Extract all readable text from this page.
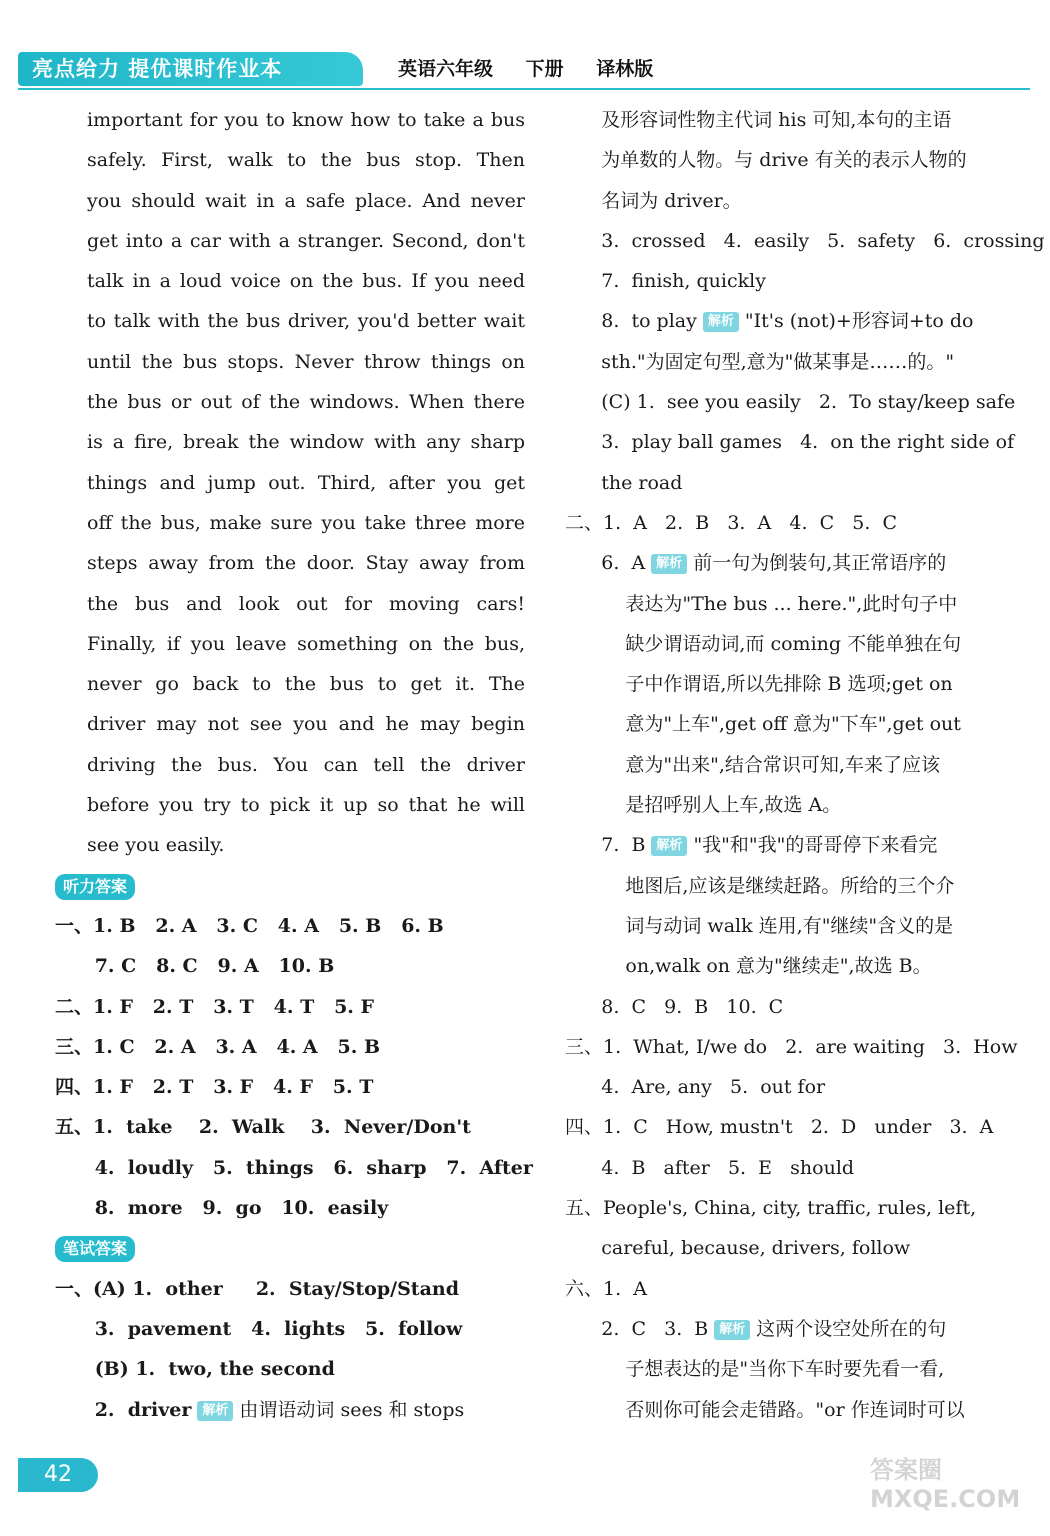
亮点给力 提优课时作业本	英语六年级 下册 译林版
important for you to know how to take a bus
safely. First, walk to the bus stop. Then
you should wait in a safe place. And never
get into a car with a stranger. Second, don't
talk in a loud voice on the bus. If you need
to talk with the bus driver, you'd better wait
until the bus stops. Never throw things on
the bus or out of the windows. When there
is a fire, break the window with any sharp
things and jump out. Third, after you get
off the bus, make sure you take three more
steps away from the door. Stay away from
the bus and look out for moving cars!
Finally, if you leave something on the bus,
never go back to the bus to get it. The
driver may not see you and he may begin
driving the bus. You can tell the driver
before you try to pick it up so that he will
see you easily.
听力答案
一、1. B   2. A   3. C   4. A   5. B   6. B
7. C   8. C   9. A   10. B
二、1. F   2. T   3. T   4. T   5. F
三、1. C   2. A   3. A   4. A   5. B
四、1. F   2. T   3. F   4. F   5. T
五、1.  take    2.  Walk    3.  Never/Don't
4.  loudly   5.  things   6.  sharp   7.  After
8.  more   9.  go   10.  easily
笔试答案
一、(A) 1.  other     2.  Stay/Stop/Stand
3.  pavement   4.  lights   5.  follow
(B) 1.  two, the second
2.  driver 解析 由谓语动词 sees 和 stops
及形容词性物主代词 his 可知,本句的主语
为单数的人物。与 drive 有关的表示人物的
名词为 driver。
3.  crossed   4.  easily   5.  safety   6.  crossing
7.  finish, quickly
8.  to play 解析 "It's (not)+形容词+to do
sth."为固定句型,意为"做某事是……的。"
(C) 1.  see you easily   2.  To stay/keep safe
3.  play ball games   4.  on the right side of
the road
二、1.  A   2.  B   3.  A   4.  C   5.  C
6.  A 解析 前一句为倒装句,其正常语序的
表达为"The bus ... here.",此时句子中
缺少谓语动词,而 coming 不能单独在句
子中作谓语,所以先排除 B 选项;get on
意为"上车",get off 意为"下车",get out
意为"出来",结合常识可知,车来了应该
是招呼别人上车,故选 A。
7.  B 解析 "我"和"我"的哥哥停下来看完
地图后,应该是继续赶路。所给的三个介
词与动词 walk 连用,有"继续"含义的是
on,walk on 意为"继续走",故选 B。
8.  C   9.  B   10.  C
三、1.  What, I/we do   2.  are waiting   3.  How
4.  Are, any   5.  out for
四、1.  C   How, mustn't   2.  D   under   3.  A
4.  B   after   5.  E   should
五、People's, China, city, traffic, rules, left,
careful, because, drivers, follow
六、1.  A
2.  C   3.  B 解析 这两个设空处所在的句
子想表达的是"当你下车时要先看一看,
否则你可能会走错路。"or 作连词时可以
42	答案圈 MXQE.COM
